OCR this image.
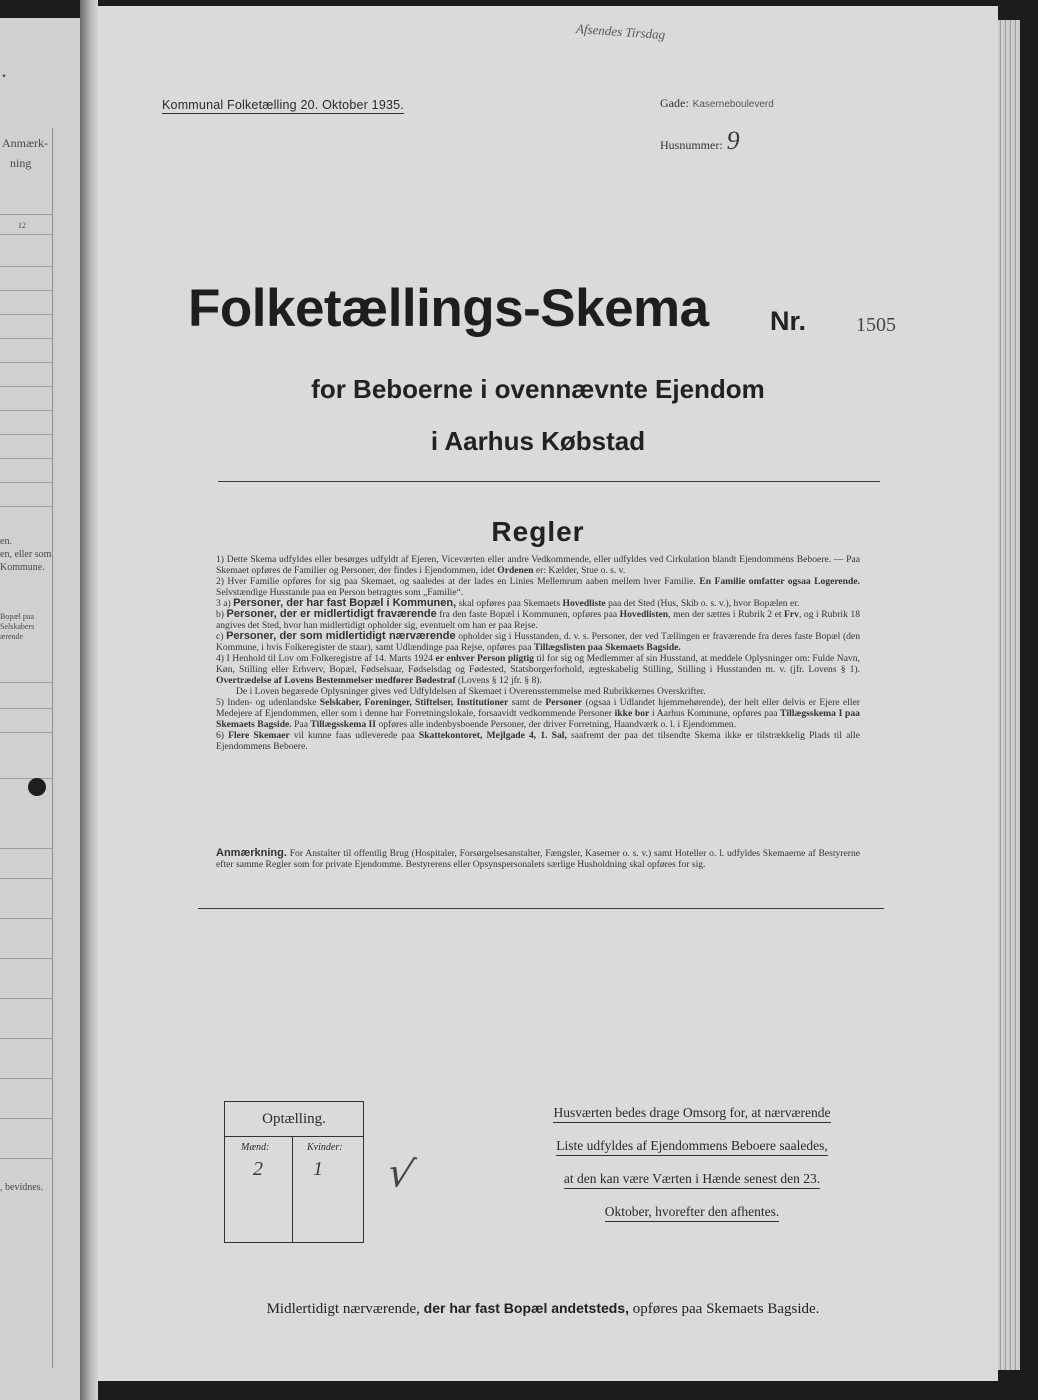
.
Anmærk-
ning
12
en.
en, eller som
Kommune.
Bopæl paa
Selskabers
ærende
, bevidnes.
Afsendes Tirsdag
Kommunal Folketælling 20. Oktober 1935.	Gade: Kasernebouleverd
Husnummer: 9
Folketællings-Skema Nr. 1505
for Beboerne i ovennævnte Ejendom
i Aarhus Købstad
Regler

1) Dette Skema udfyldes eller besørges udfyldt af Ejeren, Viceværten eller andre Vedkommende, eller udfyldes ved Cirkulation blandt Ejendommens Beboere. — Paa Skemaet opføres de Familier og Personer, der findes i Ejendommen, idet Ordenen er: Kælder, Stue o. s. v.

2) Hver Familie opføres for sig paa Skemaet, og saaledes at der lades en Linies Mellemrum aaben mellem hver Familie. En Familie omfatter ogsaa Logerende. Selvstændige Husstande paa en Person betragtes som „Familie“.

3 a) Personer, der har fast Bopæl i Kommunen, skal opføres paa Skemaets Hovedliste paa det Sted (Hus, Skib o. s. v.), hvor Bopælen er.

b) Personer, der er midlertidigt fraværende fra den faste Bopæl i Kommunen, opføres paa Hovedlisten, men der sættes i Rubrik 2 et Frv, og i Rubrik 18 angives det Sted, hvor han midlertidigt opholder sig, eventuelt om han er paa Rejse.

c) Personer, der som midlertidigt nærværende opholder sig i Husstanden, d. v. s. Personer, der ved Tællingen er fraværende fra deres faste Bopæl (den Kommune, i hvis Folkeregister de staar), samt Udlændinge paa Rejse, opføres paa Tillægslisten paa Skemaets Bagside.

4) I Henhold til Lov om Folkeregistre af 14. Marts 1924 er enhver Person pligtig til for sig og Medlemmer af sin Husstand, at meddele Oplysninger om: Fulde Navn, Køn, Stilling eller Erhverv, Bopæl, Fødselsaar, Fødselsdag og Fødested, Statsborgerforhold, ægteskabelig Stilling, Stilling i Husstanden m. v. (jfr. Lovens § 1). Overtrædelse af Lovens Bestemmelser medfører Bødestraf (Lovens § 12 jfr. § 8).

De i Loven begærede Oplysninger gives ved Udfyldelsen af Skemaet i Overensstemmelse med Rubrikkernes Overskrifter.

5) Inden- og udenlandske Selskaber, Foreninger, Stiftelser, Institutioner samt de Personer (ogsaa i Udlandet hjemmehørende), der helt eller delvis er Ejere eller Medejere af Ejendommen, eller som i denne har Forretningslokale, forsaavidt vedkommende Personer ikke bor i Aarhus Kommune, opføres paa Tillægsskema I paa Skemaets Bagside. Paa Tillægsskema II opføres alle indenbysboende Personer, der driver Forretning, Haandværk o. l. i Ejendommen.

6) Flere Skemaer vil kunne faas udleverede paa Skattekontoret, Mejlgade 4, 1. Sal, saafremt der paa det tilsendte Skema ikke er tilstrækkelig Plads til alle Ejendommens Beboere.

Anmærkning. For Anstalter til offentlig Brug (Hospitaler, Forsørgelsesanstalter, Fængsler, Kaserner o. s. v.) samt Hoteller o. l. udfyldes Skemaerne af Bestyrerne efter samme Regler som for private Ejendomme. Bestyrerens eller Opsynspersonalets særlige Husholdning skal opføres for sig.
Optælling.
Mænd:	Kvinder:
2	1 √
Husværten bedes drage Omsorg for, at nærværende Liste udfyldes af Ejendommens Beboere saaledes, at den kan være Værten i Hænde senest den 23. Oktober, hvorefter den afhentes.
Midlertidigt nærværende, der har fast Bopæl andetsteds, opføres paa Skemaets Bagside.
